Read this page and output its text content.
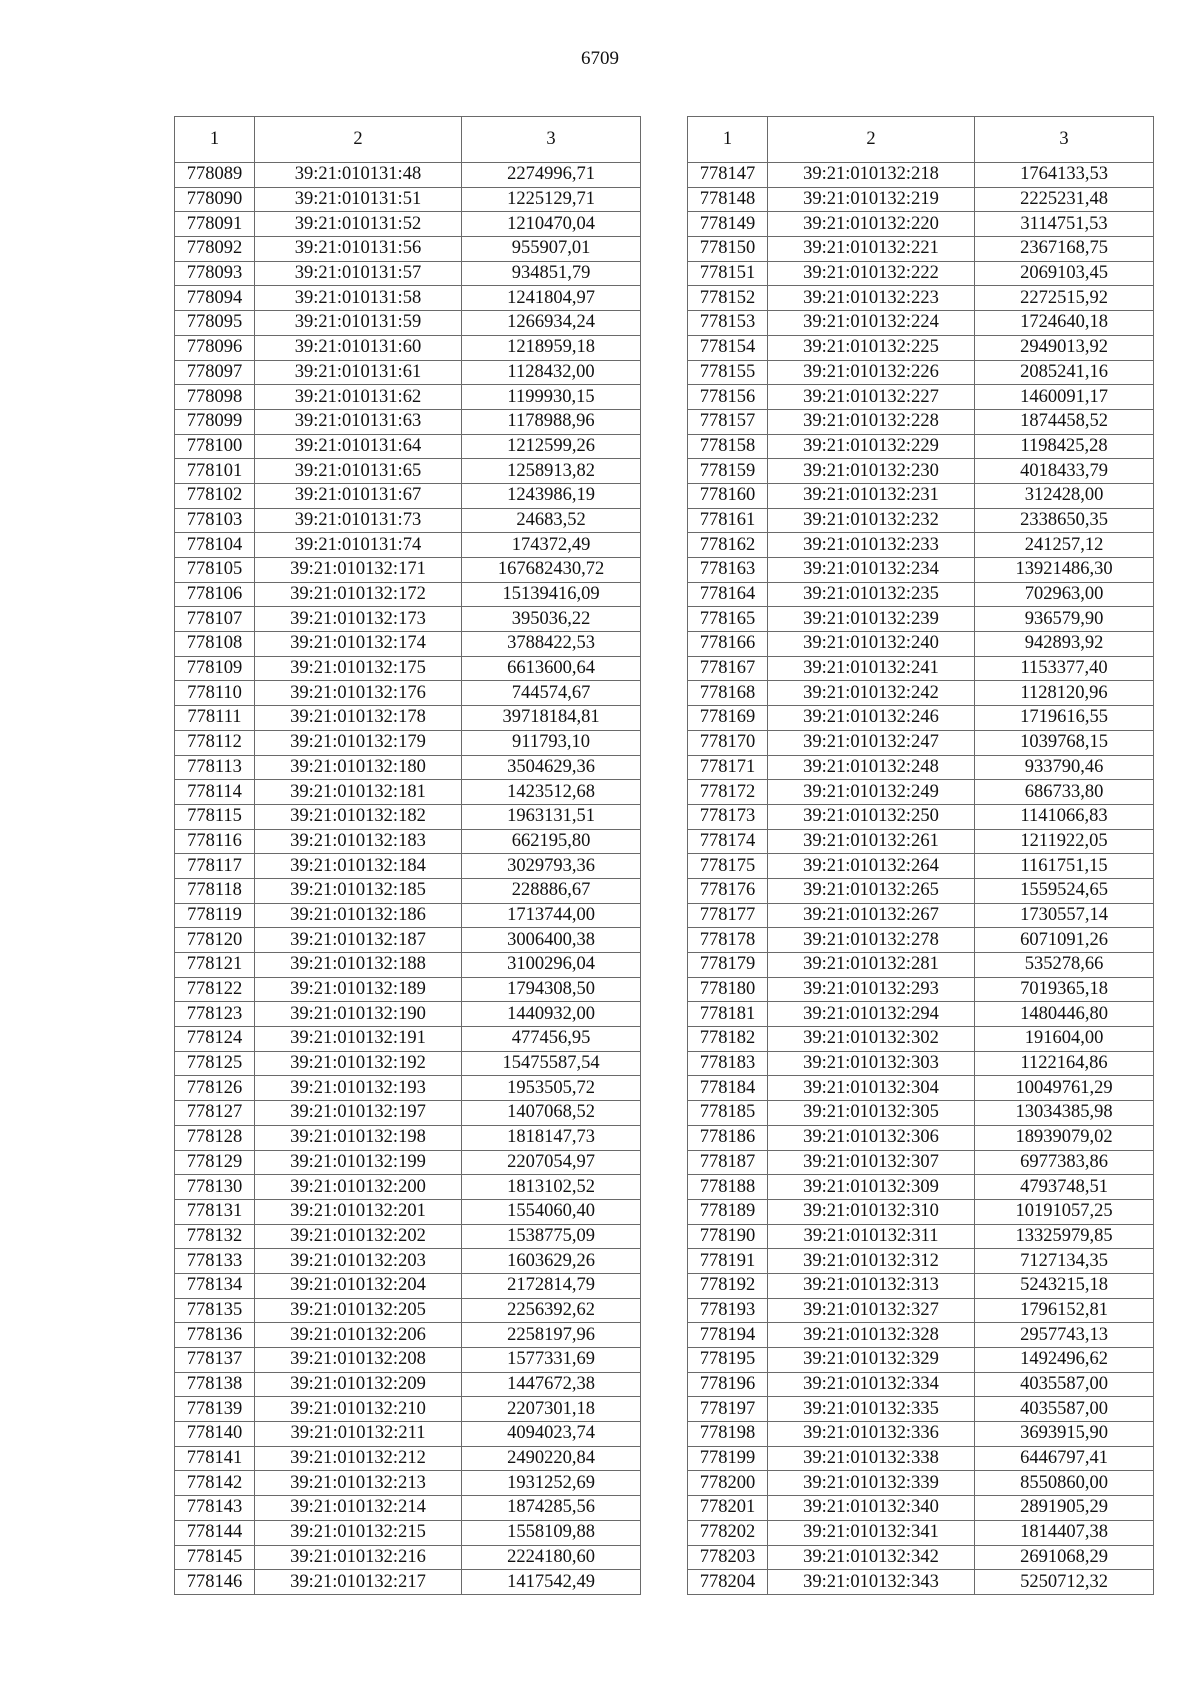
6709
1	2	3
778089	39:21:010131:48	2274996,71
778090	39:21:010131:51	1225129,71
778091	39:21:010131:52	1210470,04
778092	39:21:010131:56	955907,01
778093	39:21:010131:57	934851,79
778094	39:21:010131:58	1241804,97
778095	39:21:010131:59	1266934,24
778096	39:21:010131:60	1218959,18
778097	39:21:010131:61	1128432,00
778098	39:21:010131:62	1199930,15
778099	39:21:010131:63	1178988,96
778100	39:21:010131:64	1212599,26
778101	39:21:010131:65	1258913,82
778102	39:21:010131:67	1243986,19
778103	39:21:010131:73	24683,52
778104	39:21:010131:74	174372,49
778105	39:21:010132:171	167682430,72
778106	39:21:010132:172	15139416,09
778107	39:21:010132:173	395036,22
778108	39:21:010132:174	3788422,53
778109	39:21:010132:175	6613600,64
778110	39:21:010132:176	744574,67
778111	39:21:010132:178	39718184,81
778112	39:21:010132:179	911793,10
778113	39:21:010132:180	3504629,36
778114	39:21:010132:181	1423512,68
778115	39:21:010132:182	1963131,51
778116	39:21:010132:183	662195,80
778117	39:21:010132:184	3029793,36
778118	39:21:010132:185	228886,67
778119	39:21:010132:186	1713744,00
778120	39:21:010132:187	3006400,38
778121	39:21:010132:188	3100296,04
778122	39:21:010132:189	1794308,50
778123	39:21:010132:190	1440932,00
778124	39:21:010132:191	477456,95
778125	39:21:010132:192	15475587,54
778126	39:21:010132:193	1953505,72
778127	39:21:010132:197	1407068,52
778128	39:21:010132:198	1818147,73
778129	39:21:010132:199	2207054,97
778130	39:21:010132:200	1813102,52
778131	39:21:010132:201	1554060,40
778132	39:21:010132:202	1538775,09
778133	39:21:010132:203	1603629,26
778134	39:21:010132:204	2172814,79
778135	39:21:010132:205	2256392,62
778136	39:21:010132:206	2258197,96
778137	39:21:010132:208	1577331,69
778138	39:21:010132:209	1447672,38
778139	39:21:010132:210	2207301,18
778140	39:21:010132:211	4094023,74
778141	39:21:010132:212	2490220,84
778142	39:21:010132:213	1931252,69
778143	39:21:010132:214	1874285,56
778144	39:21:010132:215	1558109,88
778145	39:21:010132:216	2224180,60
778146	39:21:010132:217	1417542,49
1	2	3
778147	39:21:010132:218	1764133,53
778148	39:21:010132:219	2225231,48
778149	39:21:010132:220	3114751,53
778150	39:21:010132:221	2367168,75
778151	39:21:010132:222	2069103,45
778152	39:21:010132:223	2272515,92
778153	39:21:010132:224	1724640,18
778154	39:21:010132:225	2949013,92
778155	39:21:010132:226	2085241,16
778156	39:21:010132:227	1460091,17
778157	39:21:010132:228	1874458,52
778158	39:21:010132:229	1198425,28
778159	39:21:010132:230	4018433,79
778160	39:21:010132:231	312428,00
778161	39:21:010132:232	2338650,35
778162	39:21:010132:233	241257,12
778163	39:21:010132:234	13921486,30
778164	39:21:010132:235	702963,00
778165	39:21:010132:239	936579,90
778166	39:21:010132:240	942893,92
778167	39:21:010132:241	1153377,40
778168	39:21:010132:242	1128120,96
778169	39:21:010132:246	1719616,55
778170	39:21:010132:247	1039768,15
778171	39:21:010132:248	933790,46
778172	39:21:010132:249	686733,80
778173	39:21:010132:250	1141066,83
778174	39:21:010132:261	1211922,05
778175	39:21:010132:264	1161751,15
778176	39:21:010132:265	1559524,65
778177	39:21:010132:267	1730557,14
778178	39:21:010132:278	6071091,26
778179	39:21:010132:281	535278,66
778180	39:21:010132:293	7019365,18
778181	39:21:010132:294	1480446,80
778182	39:21:010132:302	191604,00
778183	39:21:010132:303	1122164,86
778184	39:21:010132:304	10049761,29
778185	39:21:010132:305	13034385,98
778186	39:21:010132:306	18939079,02
778187	39:21:010132:307	6977383,86
778188	39:21:010132:309	4793748,51
778189	39:21:010132:310	10191057,25
778190	39:21:010132:311	13325979,85
778191	39:21:010132:312	7127134,35
778192	39:21:010132:313	5243215,18
778193	39:21:010132:327	1796152,81
778194	39:21:010132:328	2957743,13
778195	39:21:010132:329	1492496,62
778196	39:21:010132:334	4035587,00
778197	39:21:010132:335	4035587,00
778198	39:21:010132:336	3693915,90
778199	39:21:010132:338	6446797,41
778200	39:21:010132:339	8550860,00
778201	39:21:010132:340	2891905,29
778202	39:21:010132:341	1814407,38
778203	39:21:010132:342	2691068,29
778204	39:21:010132:343	5250712,32
